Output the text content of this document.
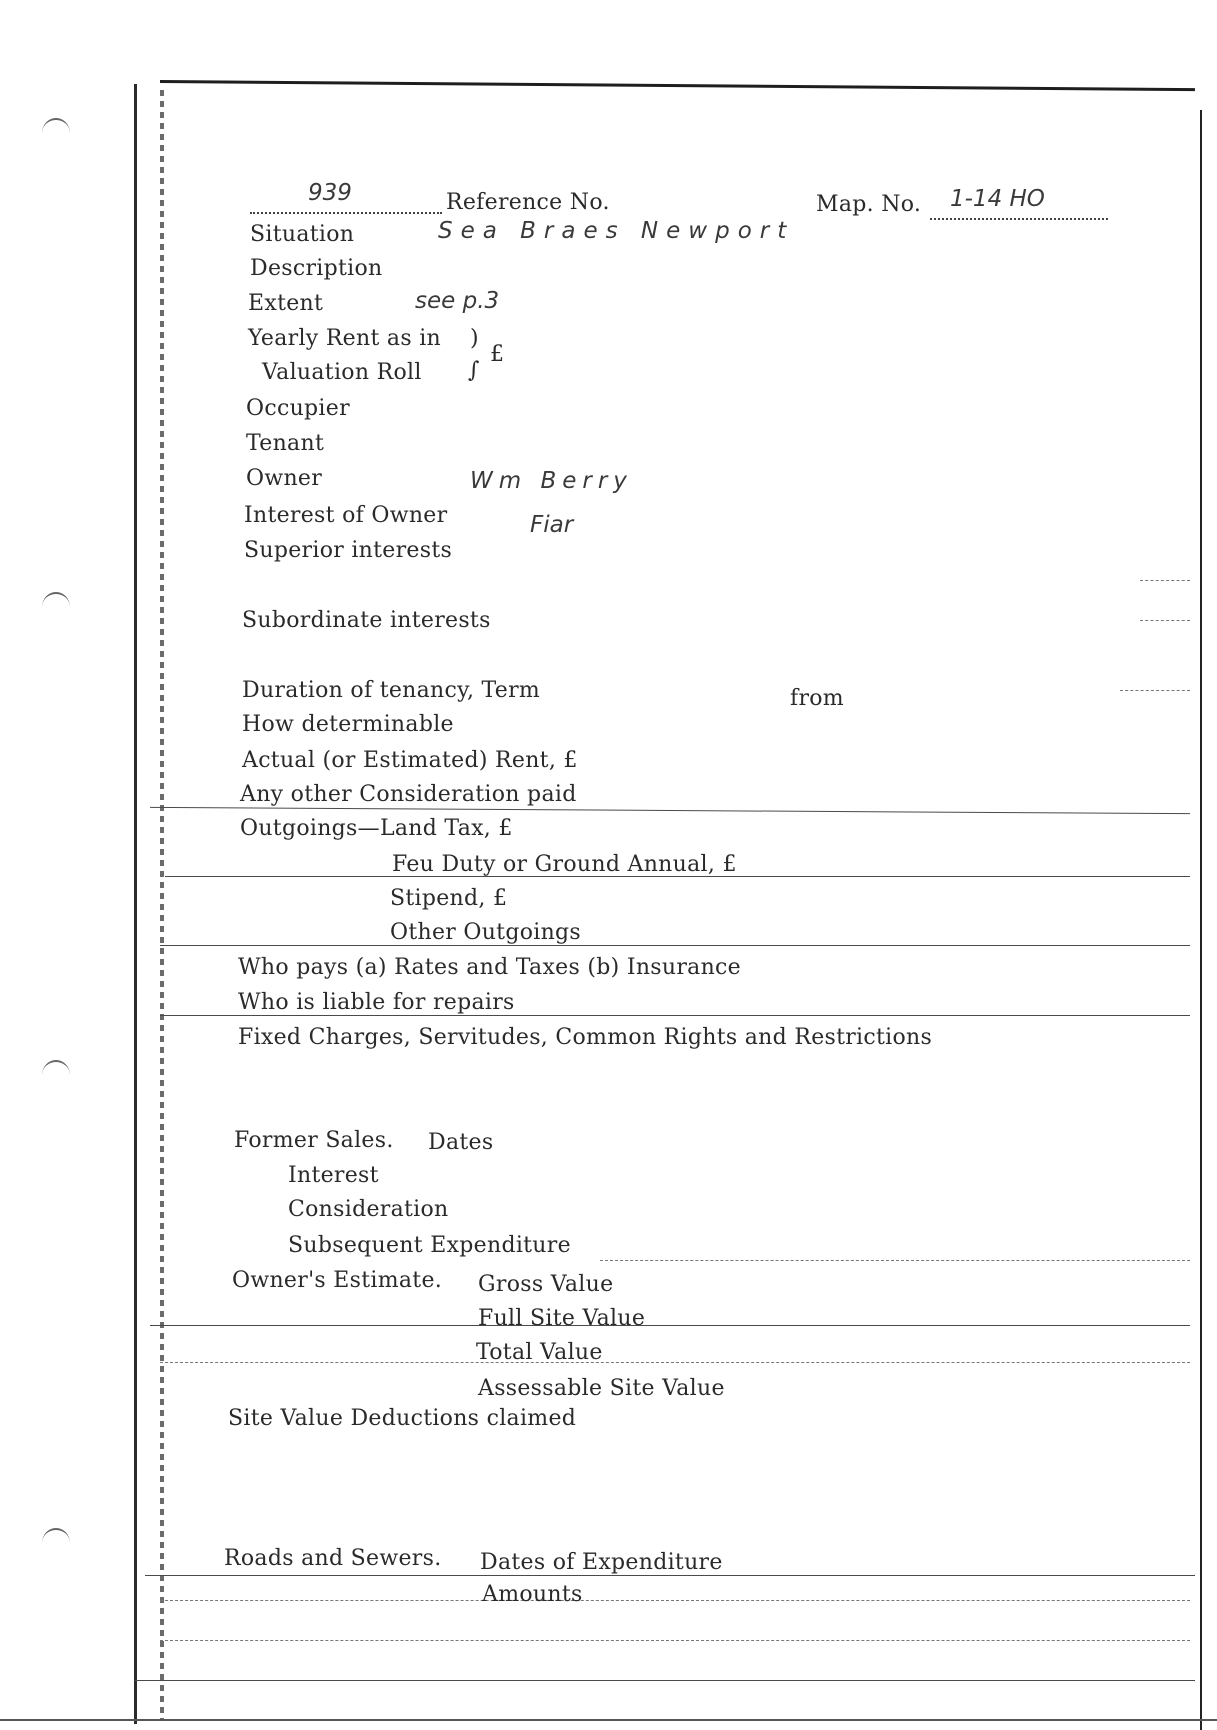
939	Reference No.	Map. No. 1-14 HO
Situation	Sea Braes Newport
Description
Extent	see p.3
Yearly Rent as in
Valuation Roll
)
∫
£
Occupier
Tenant
Owner	Wm Berry
Interest of Owner	Fiar
Superior interests
Subordinate interests
Duration of tenancy, Term	from
How determinable
Actual (or Estimated) Rent, £
Any other Consideration paid
Outgoings—Land Tax, £
Feu Duty or Ground Annual, £
Stipend, £
Other Outgoings
Who pays (a) Rates and Taxes (b) Insurance
Who is liable for repairs
Fixed Charges, Servitudes, Common Rights and Restrictions
Former Sales. Dates
Interest
Consideration
Subsequent Expenditure
Owner's Estimate. Gross Value
Full Site Value
Total Value
Assessable Site Value
Site Value Deductions claimed
Roads and Sewers. Dates of Expenditure
Amounts
